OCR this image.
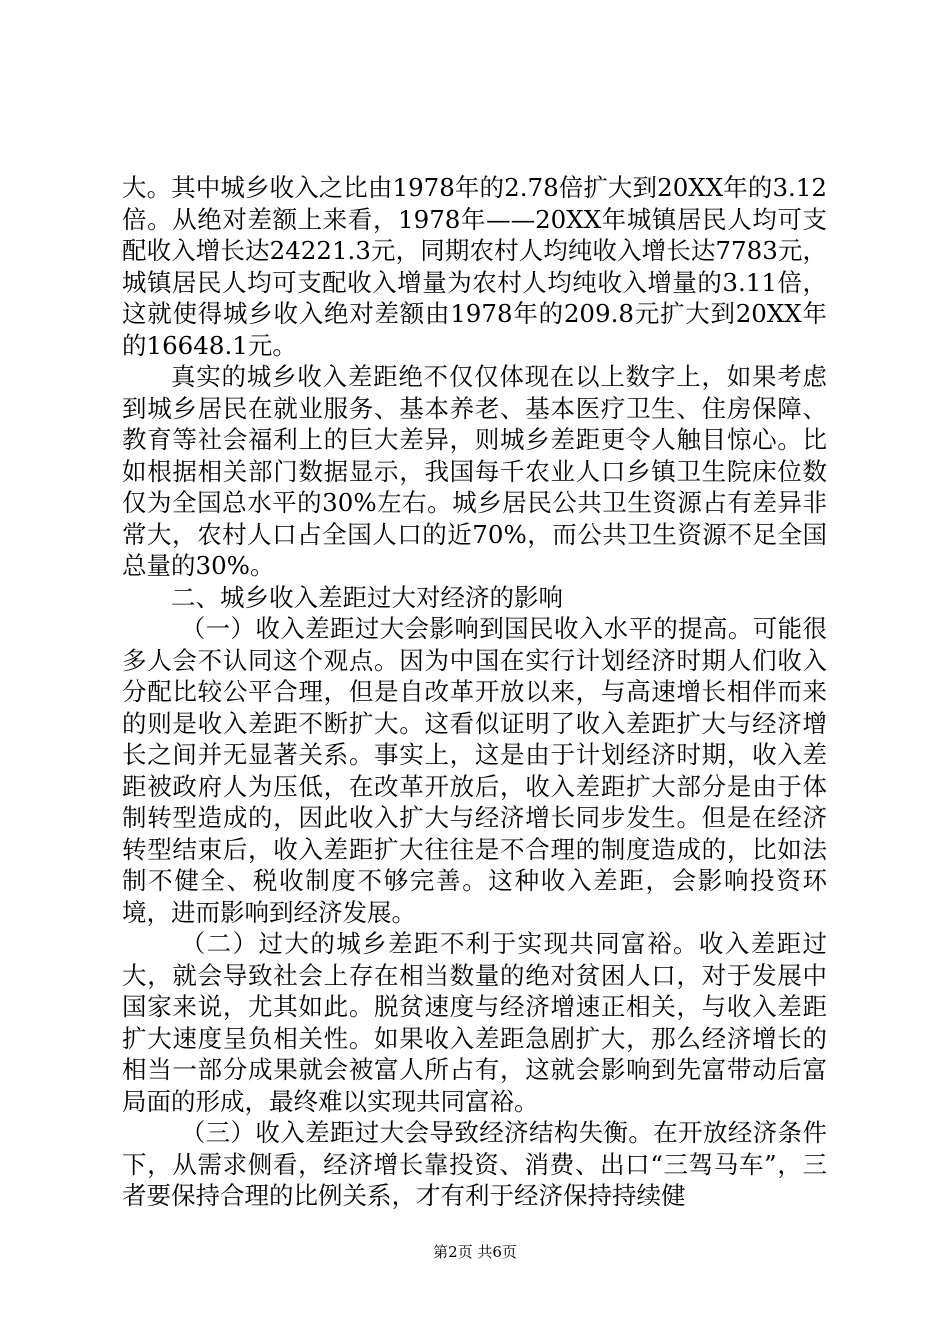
大。其中城乡收入之比由1978年的2.78倍扩大到20XX年的3.12倍。从绝对差额上来看，1978年——20XX年城镇居民人均可支配收入增长达24221.3元，同期农村人均纯收入增长达7783元，城镇居民人均可支配收入增量为农村人均纯收入增量的3.11倍，这就使得城乡收入绝对差额由1978年的209.8元扩大到20XX年的16648.1元。

真实的城乡收入差距绝不仅仅体现在以上数字上，如果考虑到城乡居民在就业服务、基本养老、基本医疗卫生、住房保障、教育等社会福利上的巨大差异，则城乡差距更令人触目惊心。比如根据相关部门数据显示，我国每千农业人口乡镇卫生院床位数仅为全国总水平的30%左右。城乡居民公共卫生资源占有差异非常大，农村人口占全国人口的近70%，而公共卫生资源不足全国总量的30%。

二、城乡收入差距过大对经济的影响

（一）收入差距过大会影响到国民收入水平的提高。可能很多人会不认同这个观点。因为中国在实行计划经济时期人们收入分配比较公平合理，但是自改革开放以来，与高速增长相伴而来的则是收入差距不断扩大。这看似证明了收入差距扩大与经济增长之间并无显著关系。事实上，这是由于计划经济时期，收入差距被政府人为压低，在改革开放后，收入差距扩大部分是由于体制转型造成的，因此收入扩大与经济增长同步发生。但是在经济转型结束后，收入差距扩大往往是不合理的制度造成的，比如法制不健全、税收制度不够完善。这种收入差距，会影响投资环境，进而影响到经济发展。

（二）过大的城乡差距不利于实现共同富裕。收入差距过大，就会导致社会上存在相当数量的绝对贫困人口，对于发展中国家来说，尤其如此。脱贫速度与经济增速正相关，与收入差距扩大速度呈负相关性。如果收入差距急剧扩大，那么经济增长的相当一部分成果就会被富人所占有，这就会影响到先富带动后富局面的形成，最终难以实现共同富裕。

（三）收入差距过大会导致经济结构失衡。在开放经济条件下，从需求侧看，经济增长靠投资、消费、出口“三驾马车”，三者要保持合理的比例关系，才有利于经济保持持续健

第2页 共6页
